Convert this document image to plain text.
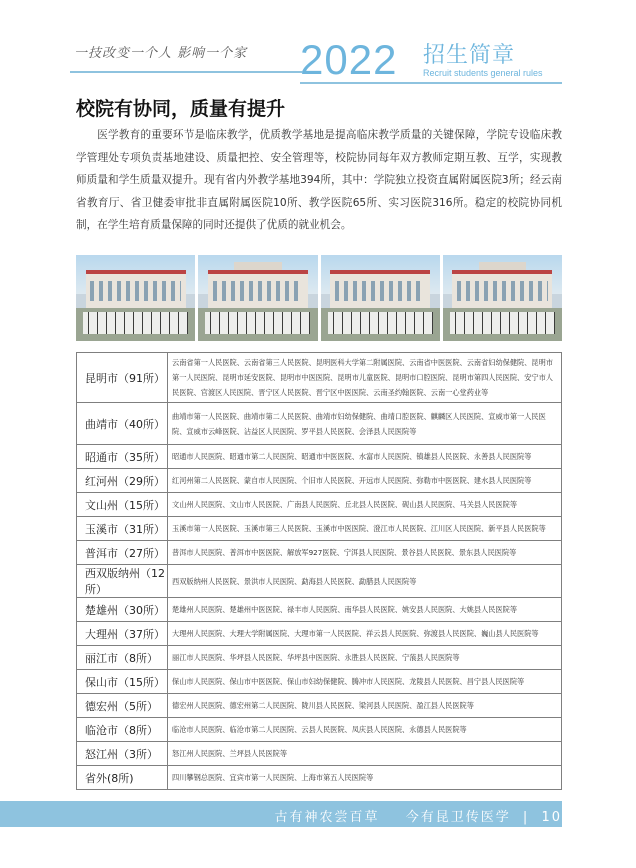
一技改变一个人 影响一个家 2022 招生简章
Recruit students general rules
校院有协同，质量有提升
医学教育的重要环节是临床教学，优质教学基地是提高临床教学质量的关键保障，学院专设临床教学管理处专项负责基地建设、质量把控、安全管理等，校院协同每年双方教师定期互教、互学，实现教师质量和学生质量双提升。现有省内外教学基地394所，其中：学院独立投资直属附属医院3所；经云南省教育厅、省卫健委审批非直属附属医院10所、教学医院65所、实习医院316所。稳定的校院协同机制，在学生培育质量保障的同时还提供了优质的就业机会。
昆明市（91所）	云南省第一人民医院、云南省第三人民医院、昆明医科大学第二附属医院、云南省中医医院、云南省妇幼保健院、昆明市第一人民医院、昆明市延安医院、昆明市中医医院、昆明市儿童医院、昆明市口腔医院、昆明市第四人民医院、安宁市人民医院、官渡区人民医院、晋宁区人民医院、晋宁区中医医院、云南圣约翰医院、云南一心堂药业等
曲靖市（40所）	曲靖市第一人民医院、曲靖市第二人民医院、曲靖市妇幼保健院、曲靖口腔医院、麒麟区人民医院、宣威市第一人民医院、宣威市云峰医院、沾益区人民医院、罗平县人民医院、会泽县人民医院等
昭通市（35所）	昭通市人民医院、昭通市第二人民医院、昭通市中医医院、水富市人民医院、镇雄县人民医院、永善县人民医院等
红河州（29所）	红河州第二人民医院、蒙自市人民医院、个旧市人民医院、开远市人民医院、弥勒市中医医院、建水县人民医院等
文山州（15所）	文山州人民医院、文山市人民医院、广南县人民医院、丘北县人民医院、砚山县人民医院、马关县人民医院等
玉溪市（31所）	玉溪市第一人民医院、玉溪市第三人民医院、玉溪市中医医院、澄江市人民医院、江川区人民医院、新平县人民医院等
普洱市（27所）	普洱市人民医院、普洱市中医医院、解放军927医院、宁洱县人民医院、景谷县人民医院、景东县人民医院等
西双版纳州（12所）	西双版纳州人民医院、景洪市人民医院、勐海县人民医院、勐腊县人民医院等
楚雄州（30所）	楚雄州人民医院、楚雄州中医医院、禄丰市人民医院、南华县人民医院、姚安县人民医院、大姚县人民医院等
大理州（37所）	大理州人民医院、大理大学附属医院、大理市第一人民医院、祥云县人民医院、弥渡县人民医院、巍山县人民医院等
丽江市（8所）	丽江市人民医院、华坪县人民医院、华坪县中医医院、永胜县人民医院、宁蒗县人民医院等
保山市（15所）	保山市人民医院、保山市中医医院、保山市妇幼保健院、腾冲市人民医院、龙陵县人民医院、昌宁县人民医院等
德宏州（5所）	德宏州人民医院、德宏州第二人民医院、陇川县人民医院、梁河县人民医院、盈江县人民医院等
临沧市（8所）	临沧市人民医院、临沧市第二人民医院、云县人民医院、凤庆县人民医院、永德县人民医院等
怒江州（3所）	怒江州人民医院、兰坪县人民医院等
省外(8所)	四川攀钢总医院、宜宾市第一人民医院、上海市第五人民医院等
古有神农尝百草 今有昆卫传医学 | 10
